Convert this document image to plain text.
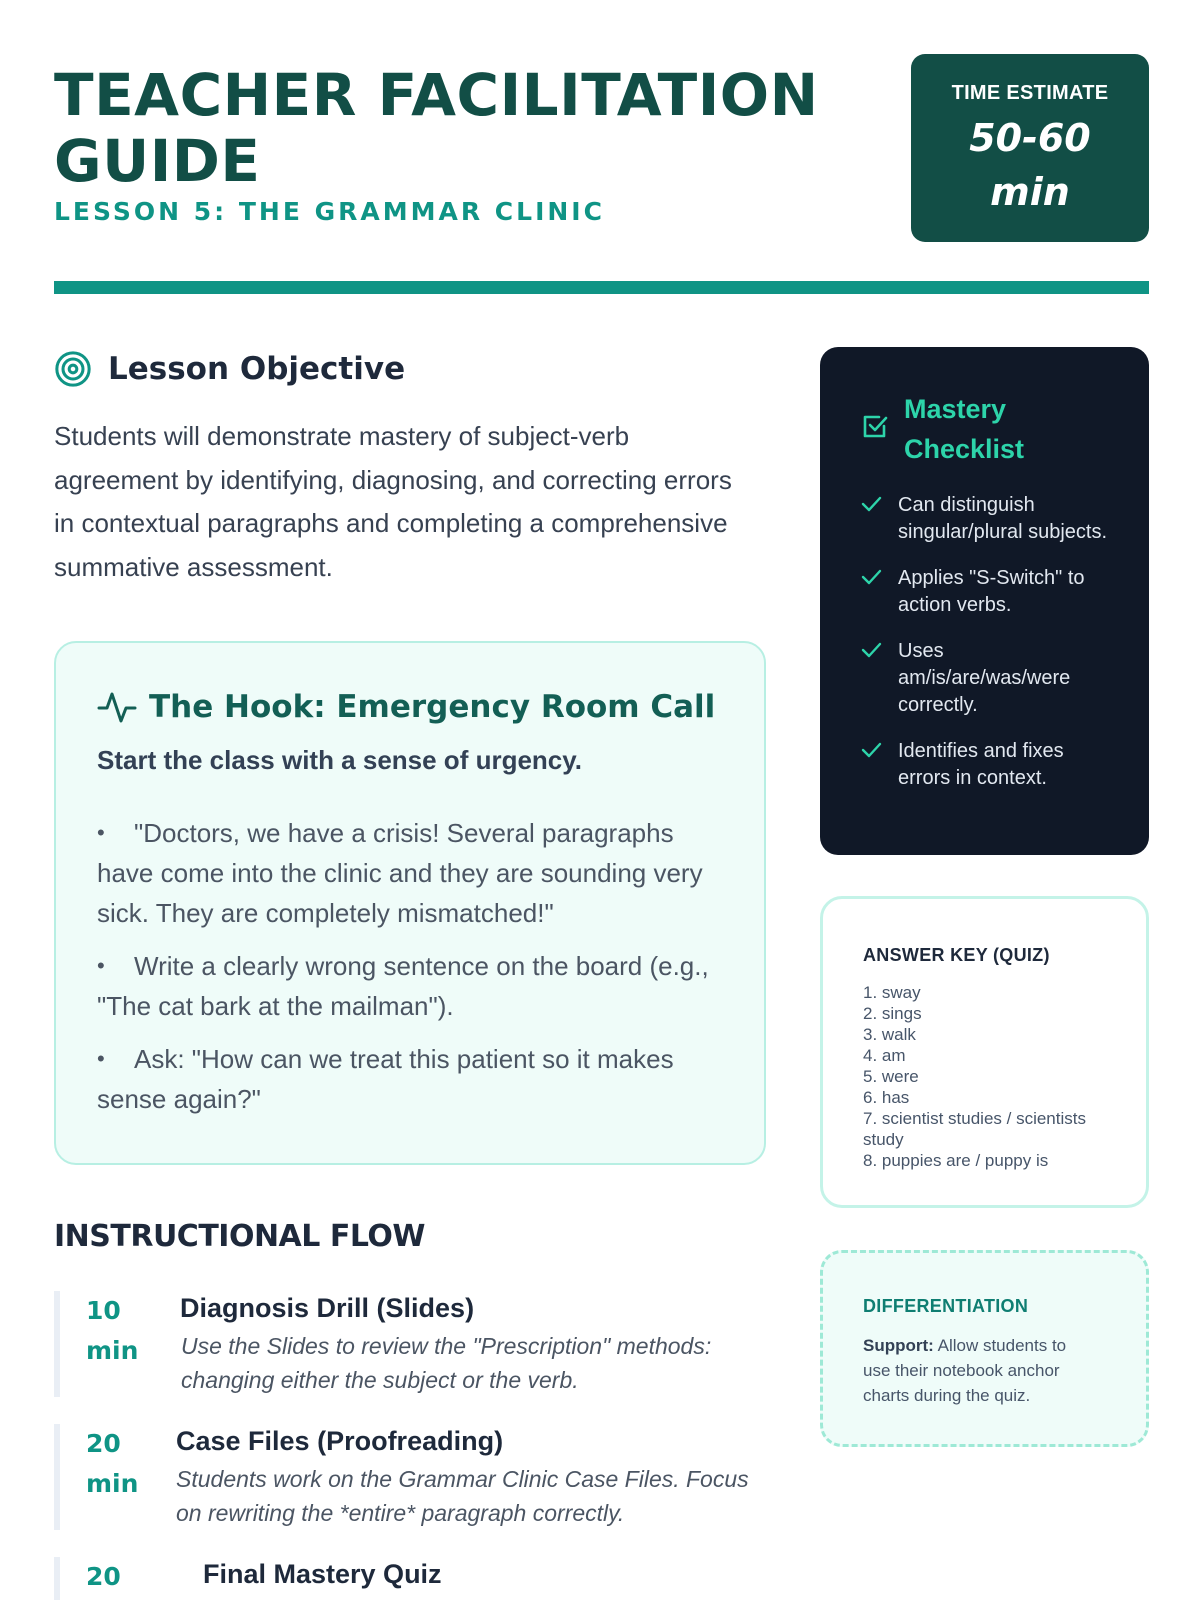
TEACHER FACILITATION GUIDE
LESSON 5: THE GRAMMAR CLINIC
TIME ESTIMATE
50-60 min
Lesson Objective

Students will demonstrate mastery of subject-verb agreement by identifying, diagnosing, and correcting errors in contextual paragraphs and completing a comprehensive summative assessment.

The Hook: Emergency Room Call

Start the class with a sense of urgency.

• "Doctors, we have a crisis! Several paragraphs have come into the clinic and they are sounding very sick. They are completely mismatched!"
• Write a clearly wrong sentence on the board (e.g., "The cat bark at the mailman").
• Ask: "How can we treat this patient so it makes sense again?"
INSTRUCTIONAL FLOW
10 min
Diagnosis Drill (Slides)
Use the Slides to review the "Prescription" methods: changing either the subject or the verb.
20 min
Case Files (Proofreading)
Students work on the Grammar Clinic Case Files. Focus on rewriting the *entire* paragraph correctly.
20	Final Mastery Quiz
Mastery Checklist
Can distinguish singular/plural subjects.
Applies "S-Switch" to action verbs.
Uses am/is/are/was/were correctly.
Identifies and fixes errors in context.
ANSWER KEY (QUIZ)
1. sway
2. sings
3. walk
4. am
5. were
6. has
7. scientist studies / scientists study
8. puppies are / puppy is
DIFFERENTIATION

Support: Allow students to use their notebook anchor charts during the quiz.
